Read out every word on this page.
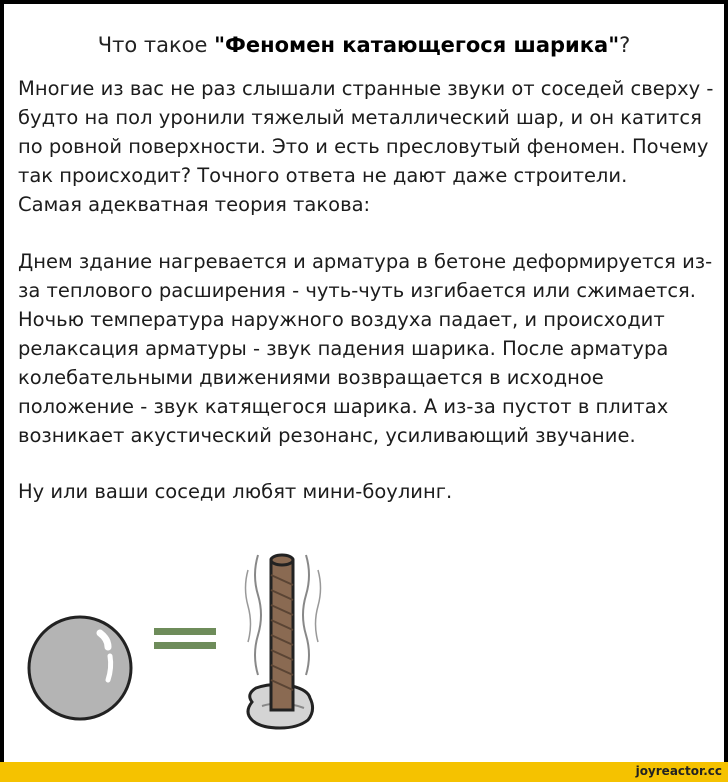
Что такое "Феномен катающегося шарика"?
Многие из вас не раз слышали странные звуки от соседей сверху -
будто на пол уронили тяжелый металлический шар, и он катится
по ровной поверхности. Это и есть пресловутый феномен. Почему
так происходит? Точного ответа не дают даже строители.
Самая адекватная теория такова:
Днем здание нагревается и арматура в бетоне деформируется из-
за теплового расширения - чуть-чуть изгибается или сжимается.
Ночью температура наружного воздуха падает, и происходит
релаксация арматуры - звук падения шарика. После арматура
колебательными движениями возвращается в исходное
положение - звук катящегося шарика. А из-за пустот в плитах
возникает акустический резонанс, усиливающий звучание.
Ну или ваши соседи любят мини-боулинг.
joyreactor.cc
